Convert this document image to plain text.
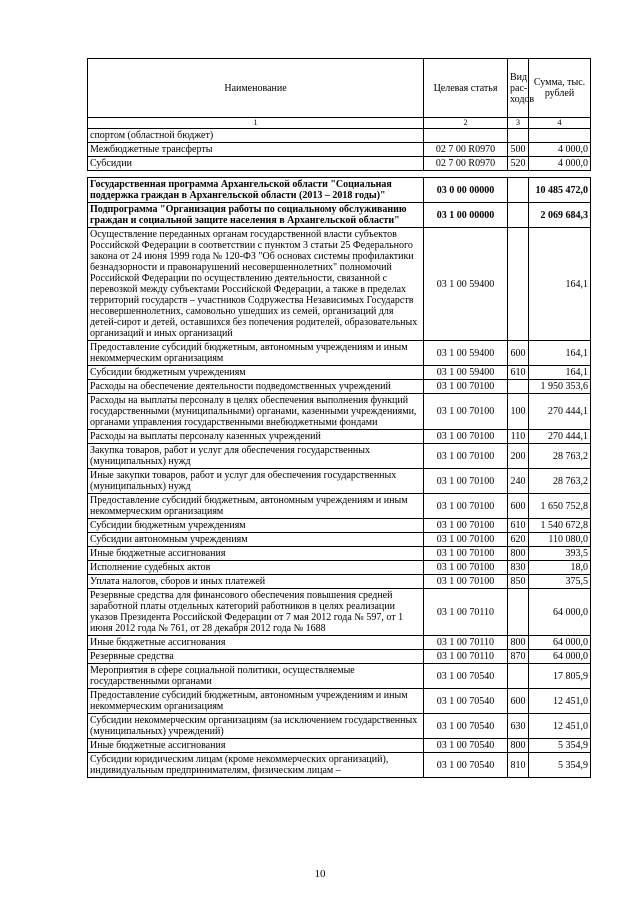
Наименование	Целевая статья	Вид рас-ходов	Сумма, тыс. рублей
1	2	3	4
спортом (областной бюджет)			
Межбюджетные трансферты	02 7 00 R0970	500	4 000,0
Субсидии	02 7 00 R0970	520	4 000,0

Государственная программа Архангельской области "Социальная поддержка граждан в Архангельской области (2013 – 2018 годы)"	03 0 00 00000		10 485 472,0
Подпрограмма "Организация работы по социальному обслуживанию граждан и социальной защите населения в Архангельской области"	03 1 00 00000		2 069 684,3
Осуществление переданных органам государственной власти субъектов Российской Федерации в соответствии с пунктом 3 статьи 25 Федерального закона от 24 июня 1999 года № 120-ФЗ "Об основах системы профилактики безнадзорности и правонарушений несовершеннолетних" полномочий Российской Федерации по осуществлению деятельности, связанной с перевозкой между субъектами Российской Федерации, а также в пределах территорий государств – участников Содружества Независимых Государств несовершеннолетних, самовольно ушедших из семей, организаций для детей-сирот и детей, оставшихся без попечения родителей, образовательных организаций и иных организаций	03 1 00 59400		164,1
Предоставление субсидий бюджетным, автономным учреждениям и иным некоммерческим организациям	03 1 00 59400	600	164,1
Субсидии бюджетным учреждениям	03 1 00 59400	610	164,1
Расходы на обеспечение деятельности подведомственных учреждений	03 1 00 70100		1 950 353,6
Расходы на выплаты персоналу в целях обеспечения выполнения функций государственными (муниципальными) органами, казенными учреждениями, органами управления государственными внебюджетными фондами	03 1 00 70100	100	270 444,1
Расходы на выплаты персоналу казенных учреждений	03 1 00 70100	110	270 444,1
Закупка товаров, работ и услуг для обеспечения государственных (муниципальных) нужд	03 1 00 70100	200	28 763,2
Иные закупки товаров, работ и услуг для обеспечения государственных (муниципальных) нужд	03 1 00 70100	240	28 763,2
Предоставление субсидий бюджетным, автономным учреждениям и иным некоммерческим организациям	03 1 00 70100	600	1 650 752,8
Субсидии бюджетным учреждениям	03 1 00 70100	610	1 540 672,8
Субсидии автономным учреждениям	03 1 00 70100	620	110 080,0
Иные бюджетные ассигнования	03 1 00 70100	800	393,5
Исполнение судебных актов	03 1 00 70100	830	18,0
Уплата налогов, сборов и иных платежей	03 1 00 70100	850	375,5
Резервные средства для финансового обеспечения повышения средней заработной платы отдельных категорий работников в целях реализации указов Президента Российской Федерации от 7 мая 2012 года № 597, от 1 июня 2012 года № 761, от 28 декабря 2012 года № 1688	03 1 00 70110		64 000,0
Иные бюджетные ассигнования	03 1 00 70110	800	64 000,0
Резервные средства	03 1 00 70110	870	64 000,0
Мероприятия в сфере социальной политики, осуществляемые государственными органами	03 1 00 70540		17 805,9
Предоставление субсидий бюджетным, автономным учреждениям и иным некоммерческим организациям	03 1 00 70540	600	12 451,0
Субсидии некоммерческим организациям (за исключением государственных (муниципальных) учреждений)	03 1 00 70540	630	12 451,0
Иные бюджетные ассигнования	03 1 00 70540	800	5 354,9
Субсидии юридическим лицам (кроме некоммерческих организаций), индивидуальным предпринимателям, физическим лицам –	03 1 00 70540	810	5 354,9
10
